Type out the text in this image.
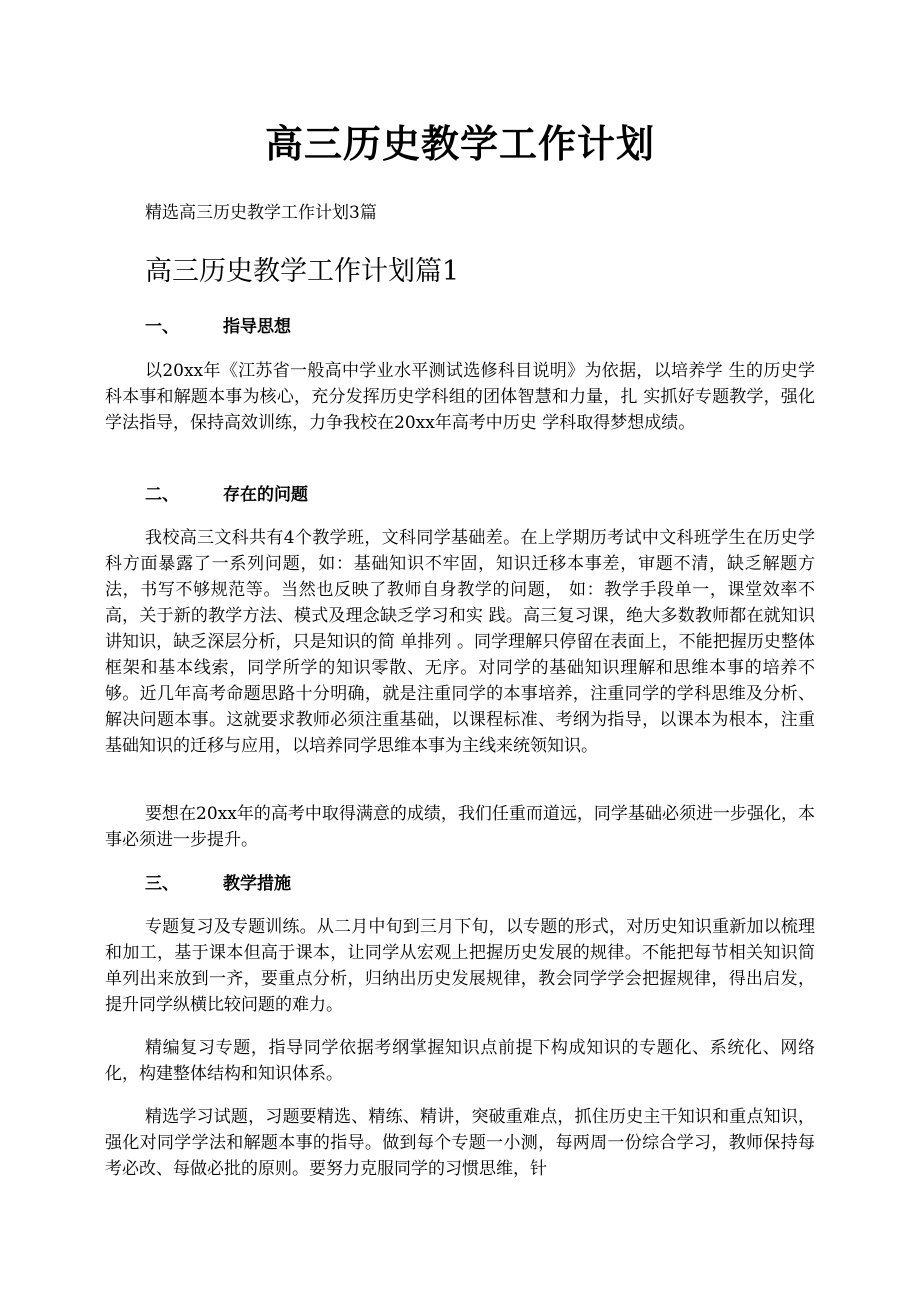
高三历史教学工作计划

精选高三历史教学工作计划3篇

高三历史教学工作计划篇1
一、	指导思想

以20xx年《江苏省一般高中学业水平测试选修科目说明》为依据，以培养学 生的历史学科本事和解题本事为核心，充分发挥历史学科组的团体智慧和力量，扎 实抓好专题教学，强化学法指导，保持高效训练，力争我校在20xx年高考中历史 学科取得梦想成绩。

二、	存在的问题

我校高三文科共有4个教学班，文科同学基础差。在上学期历考试中文科班学生在历史学科方面暴露了一系列问题，如：基础知识不牢固，知识迁移本事差，审题不清，缺乏解题方法，书写不够规范等。当然也反映了教师自身教学的问题， 如：教学手段单一，课堂效率不高，关于新的教学方法、模式及理念缺乏学习和实 践。高三复习课，绝大多数教师都在就知识讲知识，缺乏深层分析，只是知识的简 单排列 。同学理解只停留在表面上，不能把握历史整体框架和基本线索，同学所学的知识零散、无序。对同学的基础知识理解和思维本事的培养不够。近几年高考命题思路十分明确，就是注重同学的本事培养，注重同学的学科思维及分析、解决问题本事。这就要求教师必须注重基础，以课程标准、考纲为指导，以课本为根本，注重基础知识的迁移与应用，以培养同学思维本事为主线来统领知识。

要想在20xx年的高考中取得满意的成绩，我们任重而道远，同学基础必须进一步强化，本事必须进一步提升。

三、	教学措施

专题复习及专题训练。从二月中旬到三月下旬，以专题的形式，对历史知识重新加以梳理和加工，基于课本但高于课本，让同学从宏观上把握历史发展的规律。不能把每节相关知识简单列出来放到一齐，要重点分析，归纳出历史发展规律，教会同学学会把握规律，得出启发，提升同学纵横比较问题的难力。

精编复习专题，指导同学依据考纲掌握知识点前提下构成知识的专题化、系统化、网络化，构建整体结构和知识体系。

精选学习试题，习题要精选、精练、精讲，突破重难点，抓住历史主干知识和重点知识，强化对同学学法和解题本事的指导。做到每个专题一小测，每两周一份综合学习，教师保持每考必改、每做必批的原则。要努力克服同学的习惯思维，针
